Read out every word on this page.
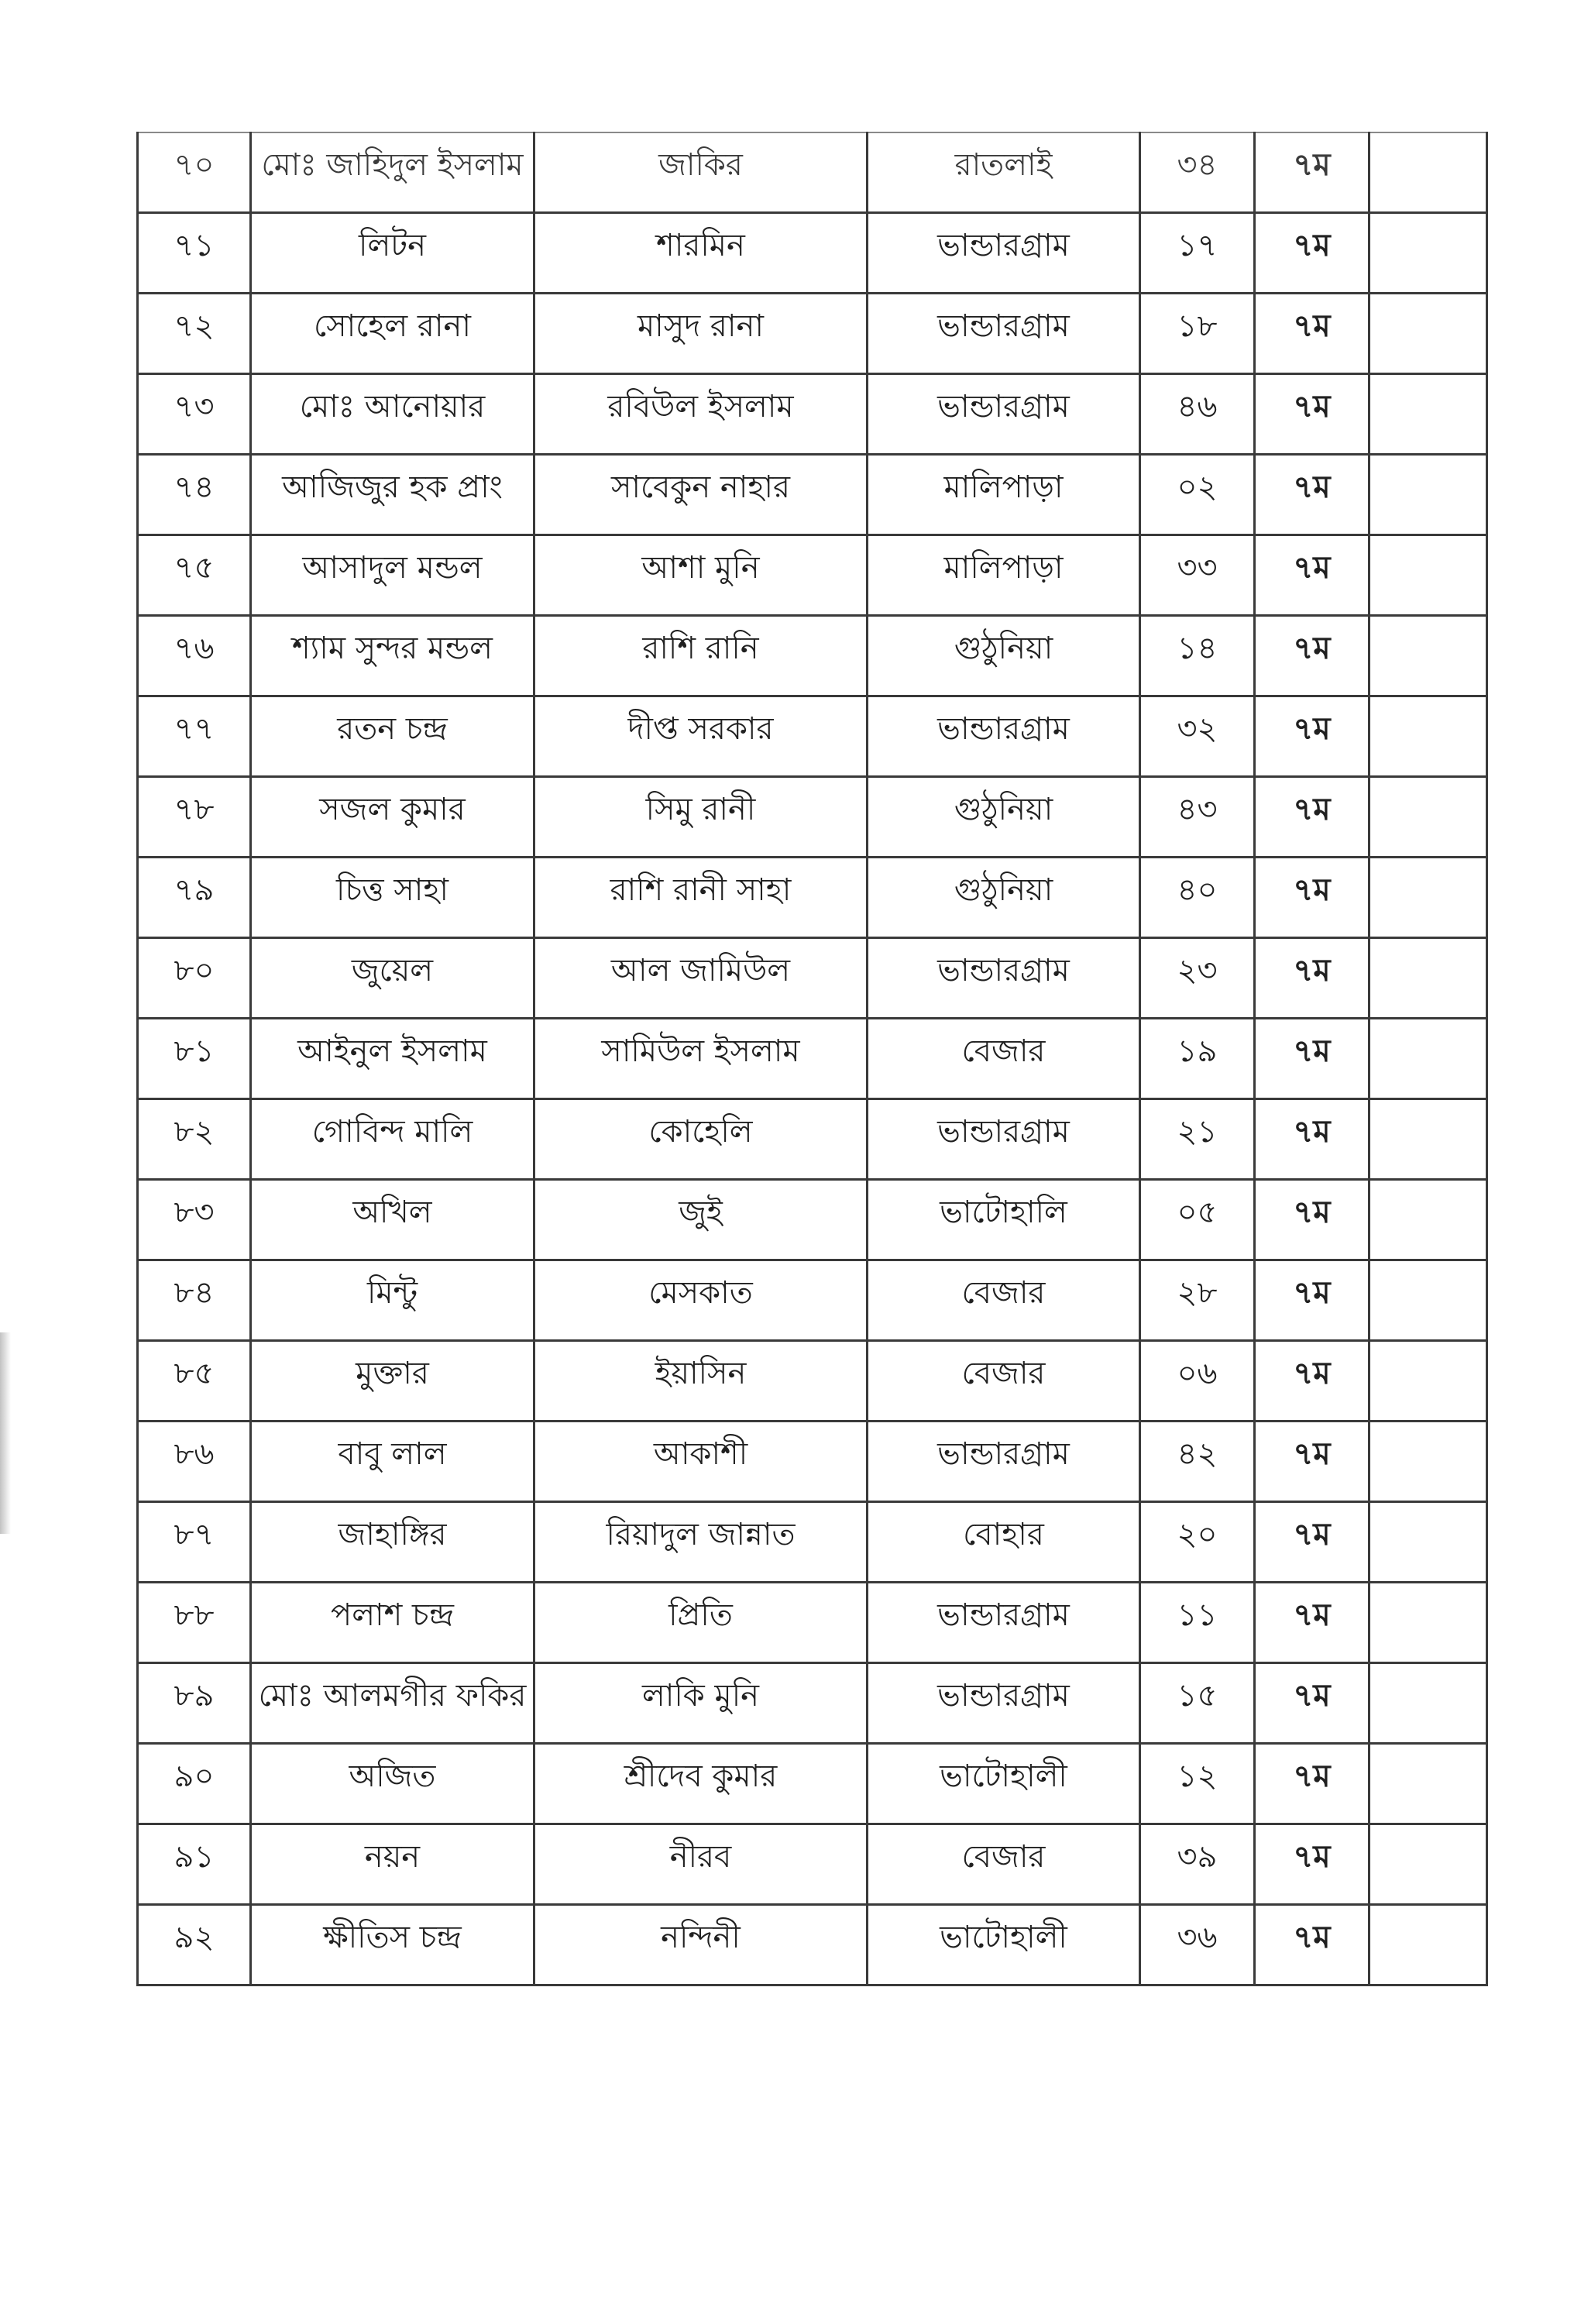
৭০	মোঃ জাহিদুল ইসলাম	জাকির	রাতলাই	৩৪	৭ম	
৭১	লিটন	শারমিন	ভান্ডারগ্রাম	১৭	৭ম	
৭২	সোহেল রানা	মাসুদ রানা	ভান্ডারগ্রাম	১৮	৭ম	
৭৩	মোঃ আনোয়ার	রবিউল ইসলাম	ভান্ডারগ্রাম	৪৬	৭ম	
৭৪	আজিজুর হক প্রাং	সাবেকুন নাহার	মালিপাড়া	০২	৭ম	
৭৫	আসাদুল মন্ডল	আশা মুনি	মালিপাড়া	৩৩	৭ম	
৭৬	শ্যাম সুন্দর মন্ডল	রাশি রানি	গুঠুনিয়া	১৪	৭ম	
৭৭	রতন চন্দ্র	দীপ্ত সরকার	ভান্ডারগ্রাম	৩২	৭ম	
৭৮	সজল কুমার	সিমু রানী	গুঠুনিয়া	৪৩	৭ম	
৭৯	চিত্ত সাহা	রাশি রানী সাহা	গুঠুনিয়া	৪০	৭ম	
৮০	জুয়েল	আল জামিউল	ভান্ডারগ্রাম	২৩	৭ম	
৮১	আইনুল ইসলাম	সামিউল ইসলাম	বেজার	১৯	৭ম	
৮২	গোবিন্দ মালি	কোহেলি	ভান্ডারগ্রাম	২১	৭ম	
৮৩	অখিল	জুই	ভাটোহালি	০৫	৭ম	
৮৪	মিন্টু	মেসকাত	বেজার	২৮	৭ম	
৮৫	মুক্তার	ইয়াসিন	বেজার	০৬	৭ম	
৮৬	বাবু লাল	আকাশী	ভান্ডারগ্রাম	৪২	৭ম	
৮৭	জাহাঙ্গির	রিয়াদুল জান্নাত	বোহার	২০	৭ম	
৮৮	পলাশ চন্দ্র	প্রিতি	ভান্ডারগ্রাম	১১	৭ম	
৮৯	মোঃ আলমগীর ফকির	লাকি মুনি	ভান্ডারগ্রাম	১৫	৭ম	
৯০	অজিত	শ্রীদেব কুমার	ভাটোহালী	১২	৭ম	
৯১	নয়ন	নীরব	বেজার	৩৯	৭ম	
৯২	ক্ষীতিস চন্দ্র	নন্দিনী	ভাটোহালী	৩৬	৭ম	
